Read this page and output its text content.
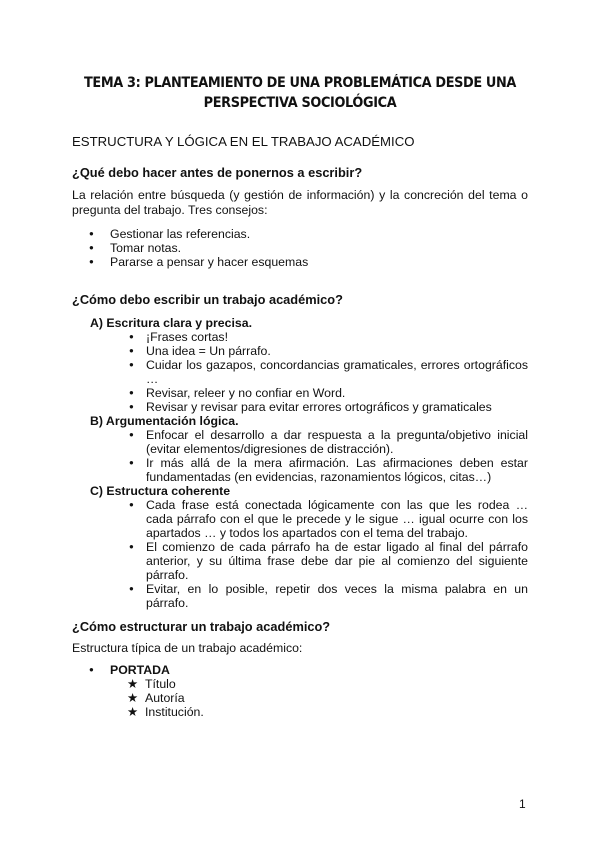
TEMA 3: PLANTEAMIENTO DE UNA PROBLEMÁTICA DESDE UNA
PERSPECTIVA SOCIOLÓGICA
ESTRUCTURA Y LÓGICA EN EL TRABAJO ACADÉMICO
¿Qué debo hacer antes de ponernos a escribir?

La relación entre búsqueda (y gestión de información) y la concreción del tema o pregunta del trabajo. Tres consejos:

● Gestionar las referencias.
● Tomar notas.
● Pararse a pensar y hacer esquemas
¿Cómo debo escribir un trabajo académico?
A) Escritura clara y precisa.
● ¡Frases cortas!
● Una idea = Un párrafo.
● Cuidar los gazapos, concordancias gramaticales, errores ortográficos …
● Revisar, releer y no confiar en Word.
● Revisar y revisar para evitar errores ortográficos y gramaticales
B) Argumentación lógica.
● Enfocar el desarrollo a dar respuesta a la pregunta/objetivo inicial (evitar elementos/digresiones de distracción).
● Ir más allá de la mera afirmación. Las afirmaciones deben estar fundamentadas (en evidencias, razonamientos lógicos, citas…)
C) Estructura coherente
● Cada frase está conectada lógicamente con las que les rodea … cada párrafo con el que le precede y le sigue … igual ocurre con los apartados … y todos los apartados con el tema del trabajo.
● El comienzo de cada párrafo ha de estar ligado al final del párrafo anterior, y su última frase debe dar pie al comienzo del siguiente párrafo.
● Evitar, en lo posible, repetir dos veces la misma palabra en un párrafo.
¿Cómo estructurar un trabajo académico?

Estructura típica de un trabajo académico:

● PORTADA
★ Título
★ Autoría
★ Institución.
1
